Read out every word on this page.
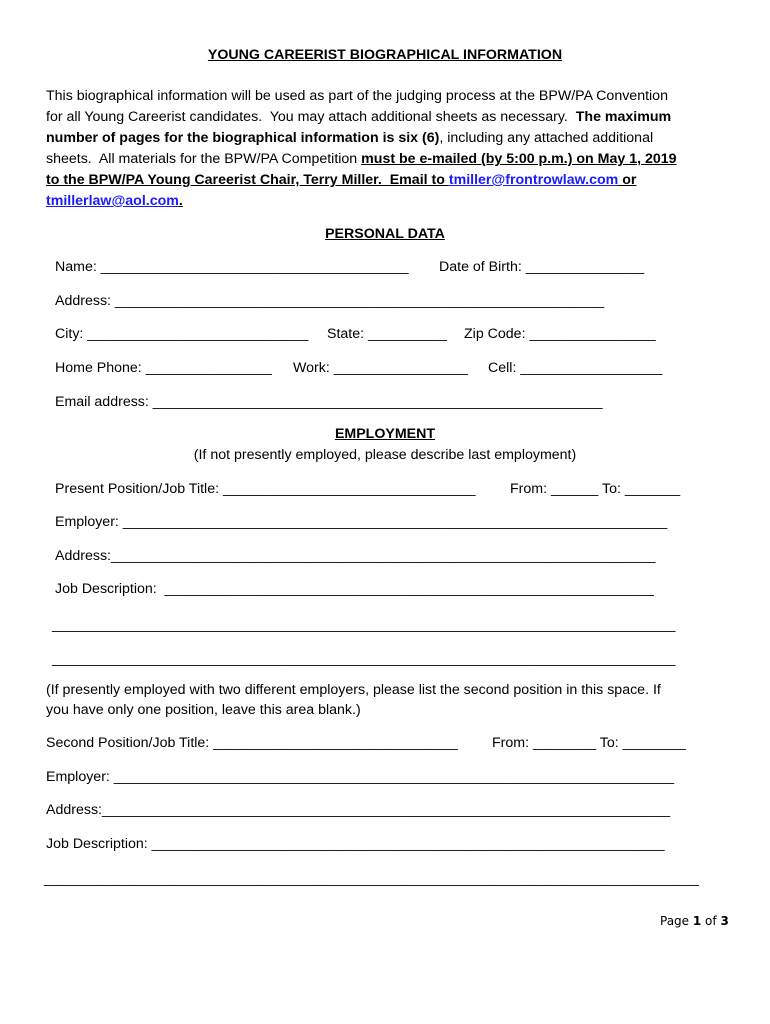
YOUNG CAREERIST BIOGRAPHICAL INFORMATION
This biographical information will be used as part of the judging process at the BPW/PA Convention
for all Young Careerist candidates.  You may attach additional sheets as necessary.  The maximum
number of pages for the biographical information is six (6), including any attached additional
sheets.  All materials for the BPW/PA Competition must be e-mailed (by 5:00 p.m.) on May 1, 2019
to the BPW/PA Young Careerist Chair, Terry Miller.  Email to tmiller@frontrowlaw.com or
tmillerlaw@aol.com.
PERSONAL DATA
Name: _______________________________________ Date of Birth: _______________
Address: ______________________________________________________________
City: ____________________________ State: __________ Zip Code: ________________
Home Phone: ________________ Work: _________________ Cell: __________________
Email address: _________________________________________________________
EMPLOYMENT
(If not presently employed, please describe last employment)
Present Position/Job Title: ________________________________ From: ______ To: _______
Employer: _____________________________________________________________________
Address:_____________________________________________________________________
Job Description:  ______________________________________________________________
_______________________________________________________________________________
_______________________________________________________________________________
(If presently employed with two different employers, please list the second position in this space. If
you have only one position, leave this area blank.)
Second Position/Job Title: _______________________________ From: ________ To: ________
Employer: _______________________________________________________________________
Address:________________________________________________________________________
Job Description: _________________________________________________________________
___________________________________________________________________________________
Page 1 of 3
